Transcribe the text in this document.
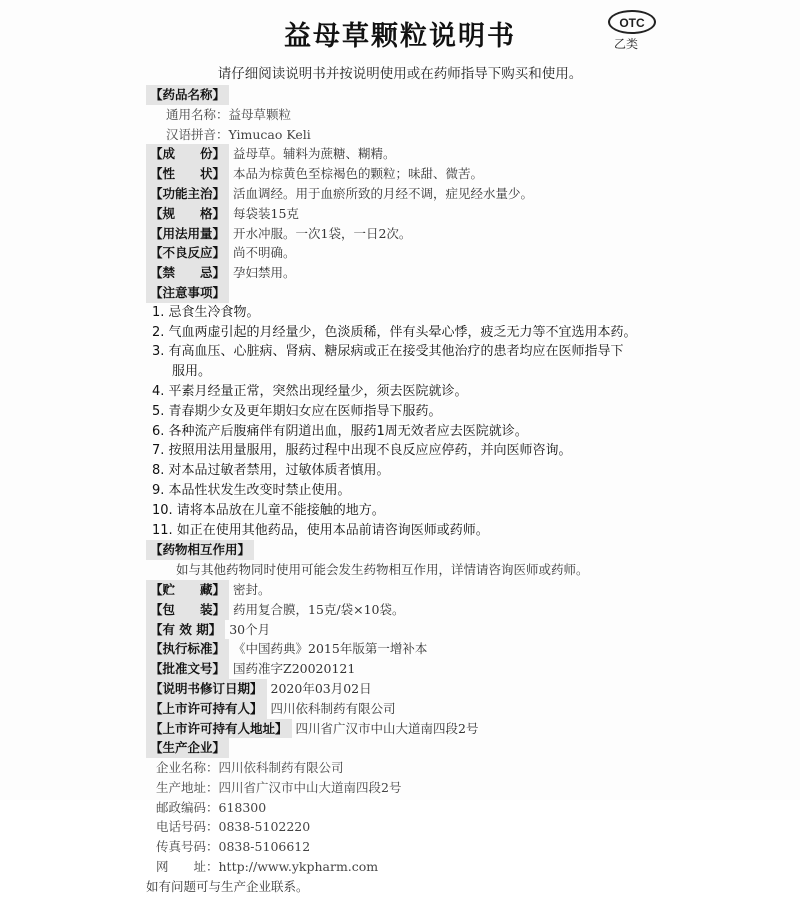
益母草颗粒说明书	OTC
乙类
请仔细阅读说明书并按说明使用或在药师指导下购买和使用。
【药品名称】
通用名称：益母草颗粒
汉语拼音：Yimucao Keli
【成　　份】 益母草。辅料为蔗糖、糊精。
【性　　状】 本品为棕黄色至棕褐色的颗粒；味甜、微苦。
【功能主治】 活血调经。用于血瘀所致的月经不调，症见经水量少。
【规　　格】 每袋装15克
【用法用量】 开水冲服。一次1袋，一日2次。
【不良反应】 尚不明确。
【禁　　忌】 孕妇禁用。
【注意事项】
1. 忌食生冷食物。
2. 气血两虚引起的月经量少，色淡质稀，伴有头晕心悸，疲乏无力等不宜选用本药。
3. 有高血压、心脏病、肾病、糖尿病或正在接受其他治疗的患者均应在医师指导下
服用。
4. 平素月经量正常，突然出现经量少，须去医院就诊。
5. 青春期少女及更年期妇女应在医师指导下服药。
6. 各种流产后腹痛伴有阴道出血，服药1周无效者应去医院就诊。
7. 按照用法用量服用，服药过程中出现不良反应应停药，并向医师咨询。
8. 对本品过敏者禁用，过敏体质者慎用。
9. 本品性状发生改变时禁止使用。
10. 请将本品放在儿童不能接触的地方。
11. 如正在使用其他药品，使用本品前请咨询医师或药师。
【药物相互作用】
如与其他药物同时使用可能会发生药物相互作用，详情请咨询医师或药师。
【贮　　藏】 密封。
【包　　装】 药用复合膜，15克/袋×10袋。
【有 效 期】 30个月
【执行标准】 《中国药典》2015年版第一增补本
【批准文号】 国药准字Z20020121
【说明书修订日期】 2020年03月02日
【上市许可持有人】 四川依科制药有限公司
【上市许可持有人地址】 四川省广汉市中山大道南四段2号
【生产企业】
企业名称：四川依科制药有限公司
生产地址：四川省广汉市中山大道南四段2号
邮政编码：618300
电话号码：0838-5102220
传真号码：0838-5106612
网　　址：http://www.ykpharm.com
如有问题可与生产企业联系。
